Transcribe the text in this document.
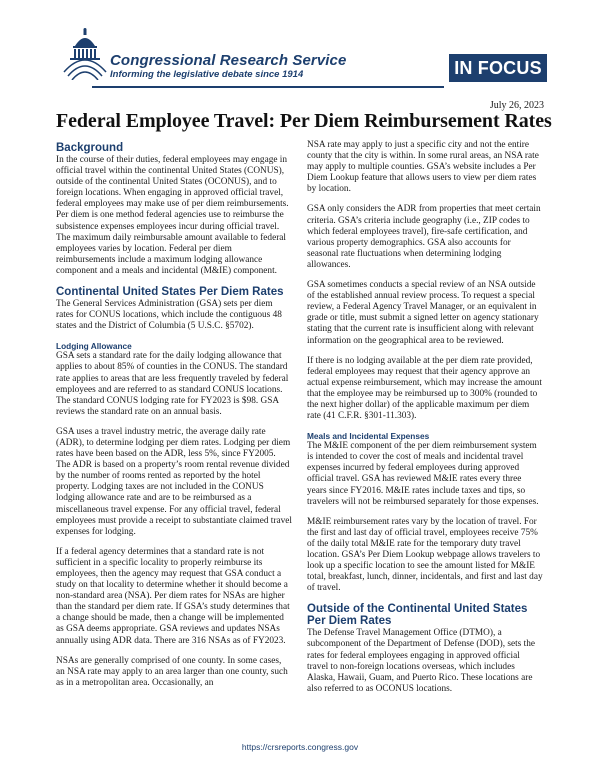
Congressional Research Service
Informing the legislative debate since 1914	IN FOCUS
July 26, 2023
Federal Employee Travel: Per Diem Reimbursement Rates
Background

In the course of their duties, federal employees may engage in official travel within the continental United States (CONUS), outside of the continental United States (OCONUS), and to foreign locations. When engaging in approved official travel, federal employees may make use of per diem reimbursements. Per diem is one method federal agencies use to reimburse the subsistence expenses employees incur during official travel. The maximum daily reimbursable amount available to federal employees varies by location. Federal per diem reimbursements include a maximum lodging allowance component and a meals and incidental (M&IE) component.

Continental United States Per Diem Rates

The General Services Administration (GSA) sets per diem rates for CONUS locations, which include the contiguous 48 states and the District of Columbia (5 U.S.C. §5702).

Lodging Allowance

GSA sets a standard rate for the daily lodging allowance that applies to about 85% of counties in the CONUS. The standard rate applies to areas that are less frequently traveled by federal employees and are referred to as standard CONUS locations. The standard CONUS lodging rate for FY2023 is $98. GSA reviews the standard rate on an annual basis.

GSA uses a travel industry metric, the average daily rate (ADR), to determine lodging per diem rates. Lodging per diem rates have been based on the ADR, less 5%, since FY2005. The ADR is based on a property’s room rental revenue divided by the number of rooms rented as reported by the hotel property. Lodging taxes are not included in the CONUS lodging allowance rate and are to be reimbursed as a miscellaneous travel expense. For any official travel, federal employees must provide a receipt to substantiate claimed travel expenses for lodging.

If a federal agency determines that a standard rate is not sufficient in a specific locality to properly reimburse its employees, then the agency may request that GSA conduct a study on that locality to determine whether it should become a non-standard area (NSA). Per diem rates for NSAs are higher than the standard per diem rate. If GSA’s study determines that a change should be made, then a change will be implemented as GSA deems appropriate. GSA reviews and updates NSAs annually using ADR data. There are 316 NSAs as of FY2023.

NSAs are generally comprised of one county. In some cases, an NSA rate may apply to an area larger than one county, such as in a metropolitan area. Occasionally, an

NSA rate may apply to just a specific city and not the entire county that the city is within. In some rural areas, an NSA rate may apply to multiple counties. GSA’s website includes a Per Diem Lookup feature that allows users to view per diem rates by location.

GSA only considers the ADR from properties that meet certain criteria. GSA’s criteria include geography (i.e., ZIP codes to which federal employees travel), fire-safe certification, and various property demographics. GSA also accounts for seasonal rate fluctuations when determining lodging allowances.

GSA sometimes conducts a special review of an NSA outside of the established annual review process. To request a special review, a Federal Agency Travel Manager, or an equivalent in grade or title, must submit a signed letter on agency stationary stating that the current rate is insufficient along with relevant information on the geographical area to be reviewed.

If there is no lodging available at the per diem rate provided, federal employees may request that their agency approve an actual expense reimbursement, which may increase the amount that the employee may be reimbursed up to 300% (rounded to the next higher dollar) of the applicable maximum per diem rate (41 C.F.R. §301-11.303).

Meals and Incidental Expenses

The M&IE component of the per diem reimbursement system is intended to cover the cost of meals and incidental travel expenses incurred by federal employees during approved official travel. GSA has reviewed M&IE rates every three years since FY2016. M&IE rates include taxes and tips, so travelers will not be reimbursed separately for those expenses.

M&IE reimbursement rates vary by the location of travel. For the first and last day of official travel, employees receive 75% of the daily total M&IE rate for the temporary duty travel location. GSA’s Per Diem Lookup webpage allows travelers to look up a specific location to see the amount listed for M&IE total, breakfast, lunch, dinner, incidentals, and first and last day of travel.

Outside of the Continental United States Per Diem Rates

The Defense Travel Management Office (DTMO), a subcomponent of the Department of Defense (DOD), sets the rates for federal employees engaging in approved official travel to non-foreign locations overseas, which includes Alaska, Hawaii, Guam, and Puerto Rico. These locations are also referred to as OCONUS locations.

https://crsreports.congress.gov
